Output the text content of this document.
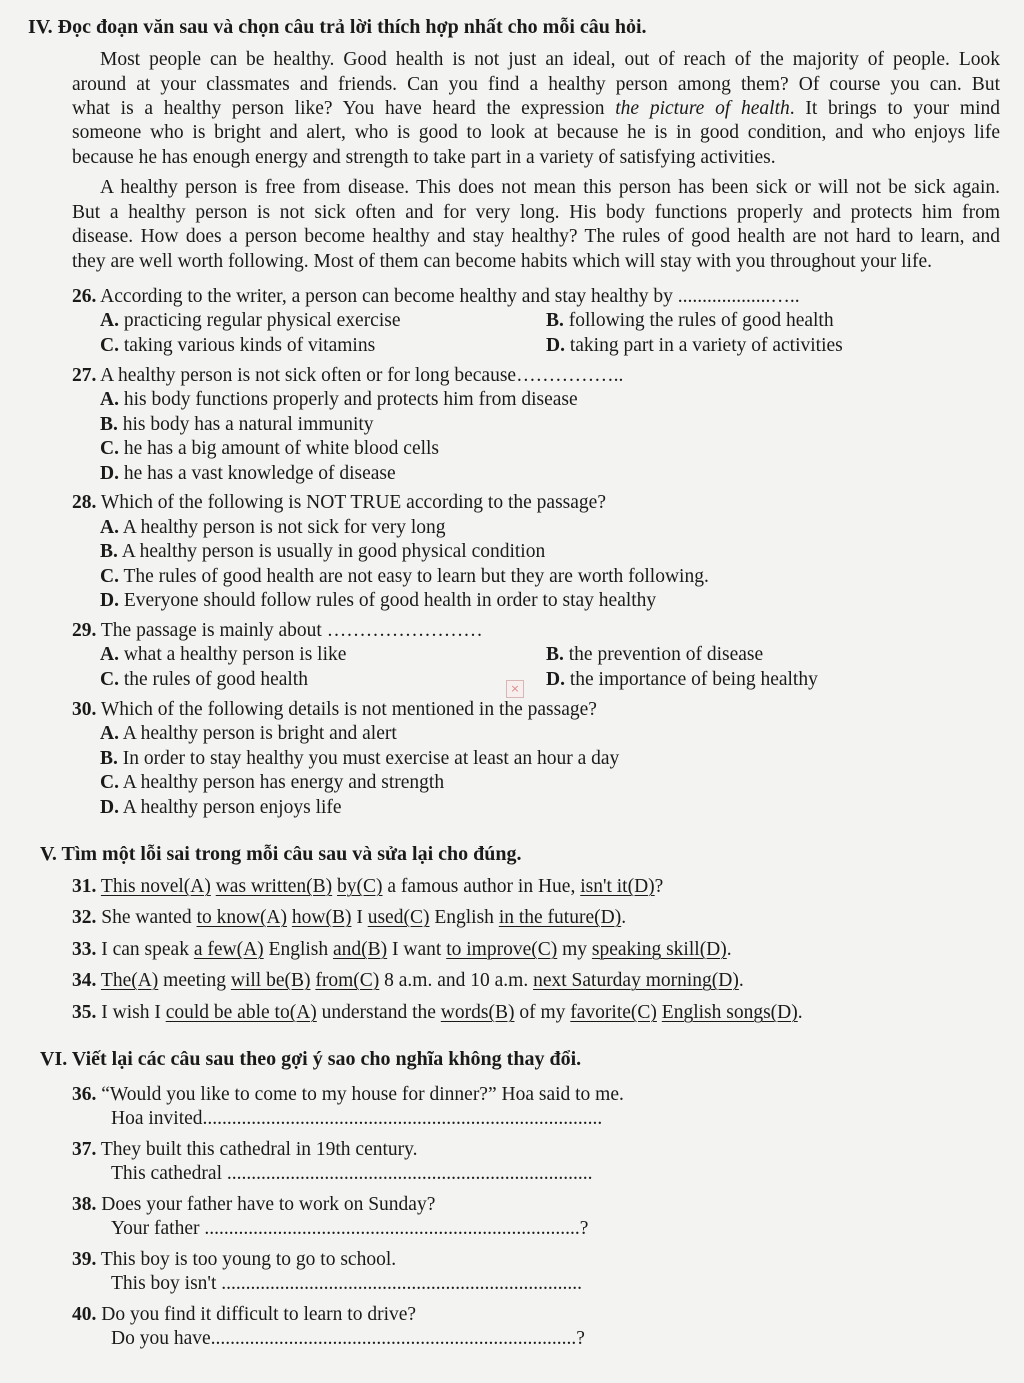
IV. Đọc đoạn văn sau và chọn câu trả lời thích hợp nhất cho mỗi câu hỏi.
Most people can be healthy. Good health is not just an ideal, out of reach of the majority of people. Look
around at your classmates and friends. Can you find a healthy person among them? Of course you can. But
what is a healthy person like? You have heard the expression the picture of health. It brings to your mind
someone who is bright and alert, who is good to look at because he is in good condition, and who enjoys life
because he has enough energy and strength to take part in a variety of satisfying activities.
A healthy person is free from disease. This does not mean this person has been sick or will not be sick again.
But a healthy person is not sick often and for very long. His body functions properly and protects him from
disease. How does a person become healthy and stay healthy? The rules of good health are not hard to learn, and
they are well worth following. Most of them can become habits which will stay with you throughout your life.
26. According to the writer, a person can become healthy and stay healthy by ...................…..
A. practicing regular physical exercise	B. following the rules of good health
C. taking various kinds of vitamins	D. taking part in a variety of activities
27. A healthy person is not sick often or for long because……………..
A. his body functions properly and protects him from disease
B. his body has a natural immunity
C. he has a big amount of white blood cells
D. he has a vast knowledge of disease
28. Which of the following is NOT TRUE according to the passage?
A. A healthy person is not sick for very long
B. A healthy person is usually in good physical condition
C. The rules of good health are not easy to learn but they are worth following.
D. Everyone should follow rules of good health in order to stay healthy
29. The passage is mainly about ……………………
A. what a healthy person is like	B. the prevention of disease
C. the rules of good health	D. the importance of being healthy
×
30. Which of the following details is not mentioned in the passage?
A. A healthy person is bright and alert
B. In order to stay healthy you must exercise at least an hour a day
C. A healthy person has energy and strength
D. A healthy person enjoys life
V. Tìm một lỗi sai trong mỗi câu sau và sửa lại cho đúng.
31. This novel(A) was written(B) by(C) a famous author in Hue, isn't it(D)?
32. She wanted to know(A) how(B) I used(C) English in the future(D).
33. I can speak a few(A) English and(B) I want to improve(C) my speaking skill(D).
34. The(A) meeting will be(B) from(C) 8 a.m. and 10 a.m. next Saturday morning(D).
35. I wish I could be able to(A) understand the words(B) of my favorite(C) English songs(D).
VI. Viết lại các câu sau theo gợi ý sao cho nghĩa không thay đổi.
36. “Would you like to come to my house for dinner?” Hoa said to me.
Hoa invited..................................................................................
37. They built this cathedral in 19th century.
This cathedral ...........................................................................
38. Does your father have to work on Sunday?
Your father .............................................................................?
39. This boy is too young to go to school.
This boy isn't ..........................................................................
40. Do you find it difficult to learn to drive?
Do you have...........................................................................?
